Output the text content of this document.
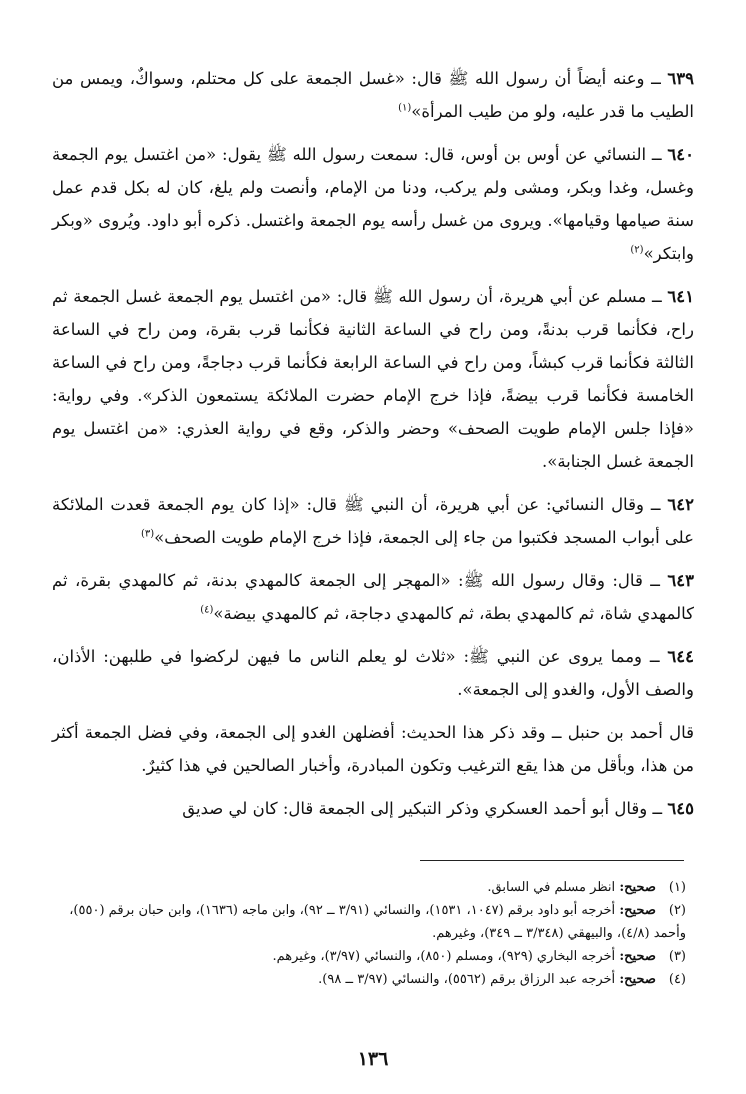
٦٣٩ ــ وعنه أيضاً أن رسول الله ﷺ قال: «غسل الجمعة على كل محتلم، وسواكٌ، ويمس من الطيب ما قدر عليه، ولو من طيب المرأة»$^{(١)}$

٦٤٠ ــ النسائي عن أوس بن أوس، قال: سمعت رسول الله ﷺ يقول: «من اغتسل يوم الجمعة وغسل، وغدا وبكر، ومشى ولم يركب، ودنا من الإمام، وأنصت ولم يلغ، كان له بكل قدم عمل سنة صيامها وقيامها». ويروى من غسل رأسه يوم الجمعة واغتسل. ذكره أبو داود. ويُروى «وبكر وابتكر»$^{(٢)}$

٦٤١ ــ مسلم عن أبي هريرة، أن رسول الله ﷺ قال: «من اغتسل يوم الجمعة غسل الجمعة ثم راح، فكأنما قرب بدنةً، ومن راح في الساعة الثانية فكأنما قرب بقرة، ومن راح في الساعة الثالثة فكأنما قرب كبشاً، ومن راح في الساعة الرابعة فكأنما قرب دجاجةً، ومن راح في الساعة الخامسة فكأنما قرب بيضةً، فإذا خرج الإمام حضرت الملائكة يستمعون الذكر». وفي رواية: «فإذا جلس الإمام طويت الصحف» وحضر والذكر، وقع في رواية العذري: «من اغتسل يوم الجمعة غسل الجنابة».

٦٤٢ ــ وقال النسائي: عن أبي هريرة، أن النبي ﷺ قال: «إذا كان يوم الجمعة قعدت الملائكة على أبواب المسجد فكتبوا من جاء إلى الجمعة، فإذا خرج الإمام طويت الصحف»$^{(٣)}$

٦٤٣ ــ قال: وقال رسول الله ﷺ: «المهجر إلى الجمعة كالمهدي بدنة، ثم كالمهدي بقرة، ثم كالمهدي شاة، ثم كالمهدي بطة، ثم كالمهدي دجاجة، ثم كالمهدي بيضة»$^{(٤)}$

٦٤٤ ــ ومما يروى عن النبي ﷺ: «ثلاث لو يعلم الناس ما فيهن لركضوا في طلبهن: الأذان، والصف الأول، والغدو إلى الجمعة».

قال أحمد بن حنبل ــ وقد ذكر هذا الحديث: أفضلهن الغدو إلى الجمعة، وفي فضل الجمعة أكثر من هذا، وبأقل من هذا يقع الترغيب وتكون المبادرة، وأخبار الصالحين في هذا كثيرٌ.

٦٤٥ ــ وقال أبو أحمد العسكري وذكر التبكير إلى الجمعة قال: كان لي صديق

(١) صحيح: انظر مسلم في السابق.

(٢) صحيح: أخرجه أبو داود برقم (١٠٤٧، ١٥٣١)، والنسائي (٣/٩١ ــ ٩٢)، وابن ماجه (١٦٣٦)، وابن حبان برقم (٥٥٠)، وأحمد (٤/٨)، والبيهقي (٣/٣٤٨ ــ ٣٤٩)، وغيرهم.

(٣) صحيح: أخرجه البخاري (٩٢٩)، ومسلم (٨٥٠)، والنسائي (٣/٩٧)، وغيرهم.

(٤) صحيح: أخرجه عبد الرزاق برقم (٥٥٦٢)، والنسائي (٣/٩٧ ــ ٩٨).

١٣٦
